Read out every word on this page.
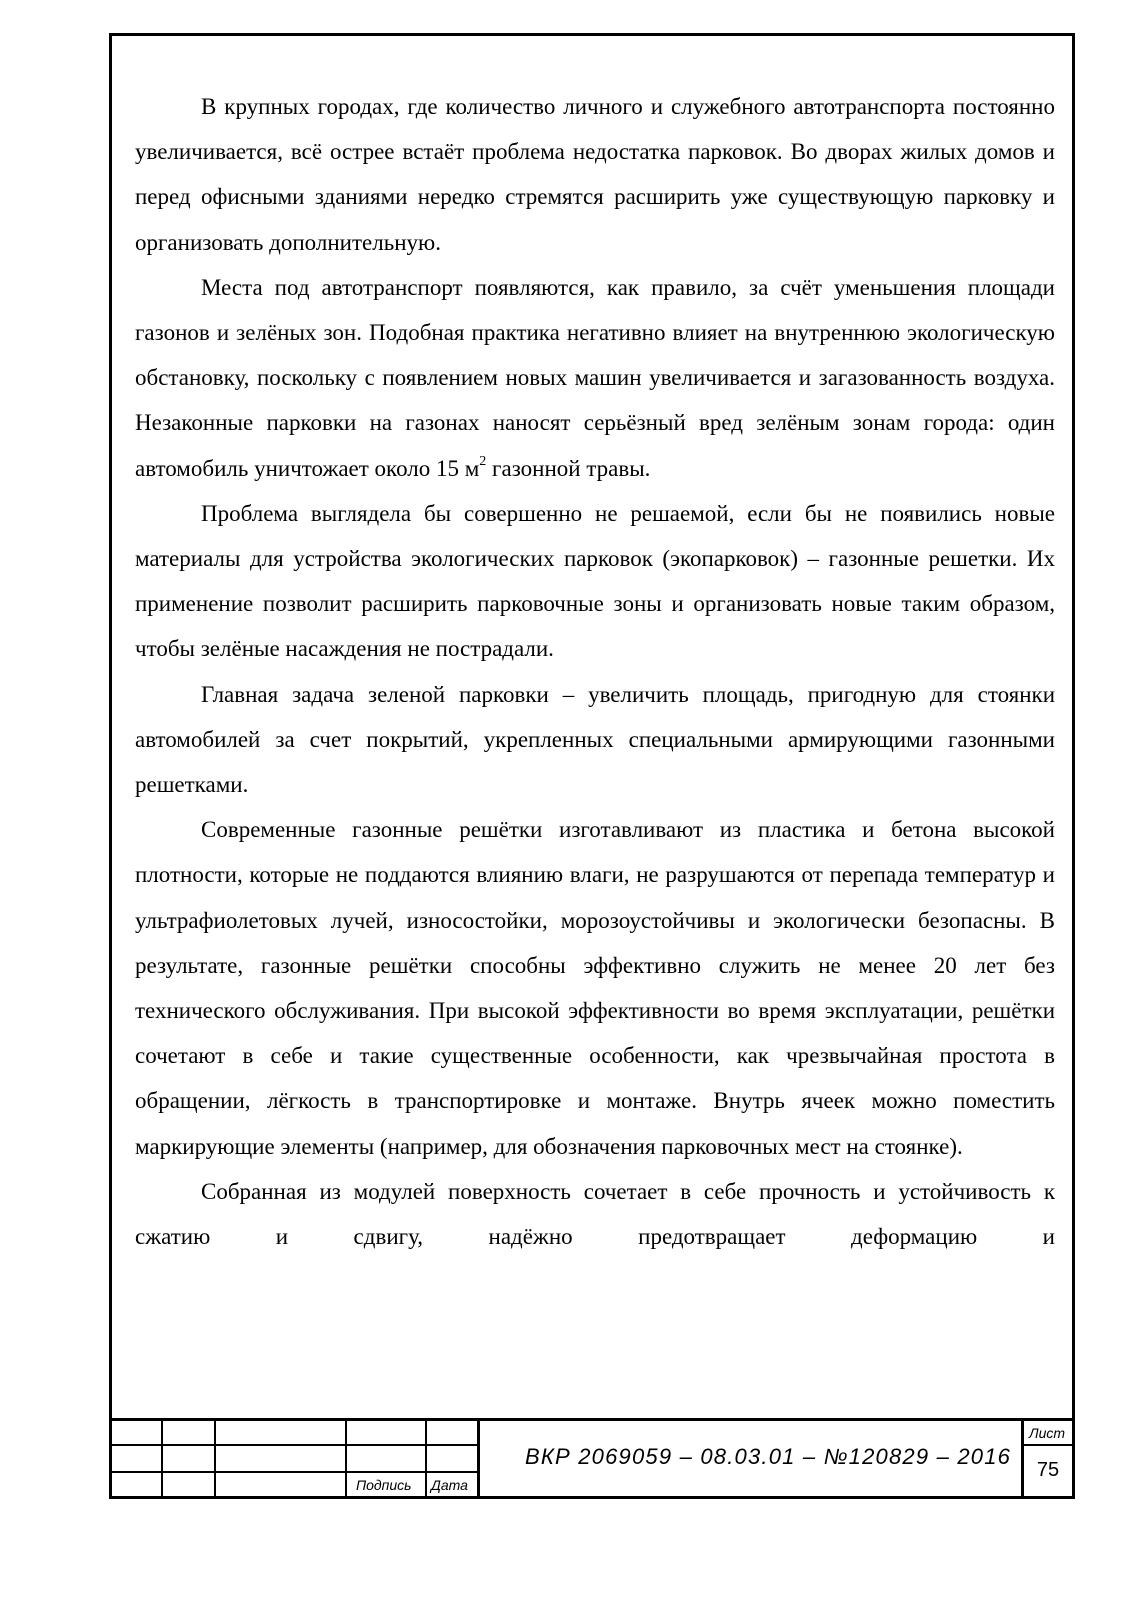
В крупных городах, где количество личного и служебного автотранспорта постоянно увеличивается, всё острее встаёт проблема недостатка парковок. Во дворах жилых домов и перед офисными зданиями нередко стремятся расширить уже существующую парковку и организовать дополнительную.

Места под автотранспорт появляются, как правило, за счёт уменьшения площади газонов и зелёных зон. Подобная практика негативно влияет на внутреннюю экологическую обстановку, поскольку с появлением новых машин увеличивается и загазованность воздуха. Незаконные парковки на газонах наносят серьёзный вред зелёным зонам города: один автомобиль уничтожает около 15 $м^2$ газонной травы.

Проблема выглядела бы совершенно не решаемой, если бы не появились новые материалы для устройства экологических парковок (экопарковок) – газонные решетки. Их применение позволит расширить парковочные зоны и организовать новые таким образом, чтобы зелёные насаждения не пострадали.

Главная задача зеленой парковки – увеличить площадь, пригодную для стоянки автомобилей за счет покрытий, укрепленных специальными армирующими газонными решетками.

Современные газонные решётки изготавливают из пластика и бетона высокой плотности, которые не поддаются влиянию влаги, не разрушаются от перепада температур и ультрафиолетовых лучей, износостойки, морозоустойчивы и экологически безопасны. В результате, газонные решётки способны эффективно служить не менее 20 лет без технического обслуживания. При высокой эффективности во время эксплуатации, решётки сочетают в себе и такие существенные особенности, как чрезвычайная простота в обращении, лёгкость в транспортировке и монтаже. Внутрь ячеек можно поместить маркирующие элементы (например, для обозначения парковочных мест на стоянке).

Собранная из модулей поверхность сочетает в себе прочность и устойчивость к сжатию и сдвигу, надёжно предотвращает деформацию и

Подпись Дата
Лист
ВКР 2069059 – 08.03.01 – №120829 – 2016
75
